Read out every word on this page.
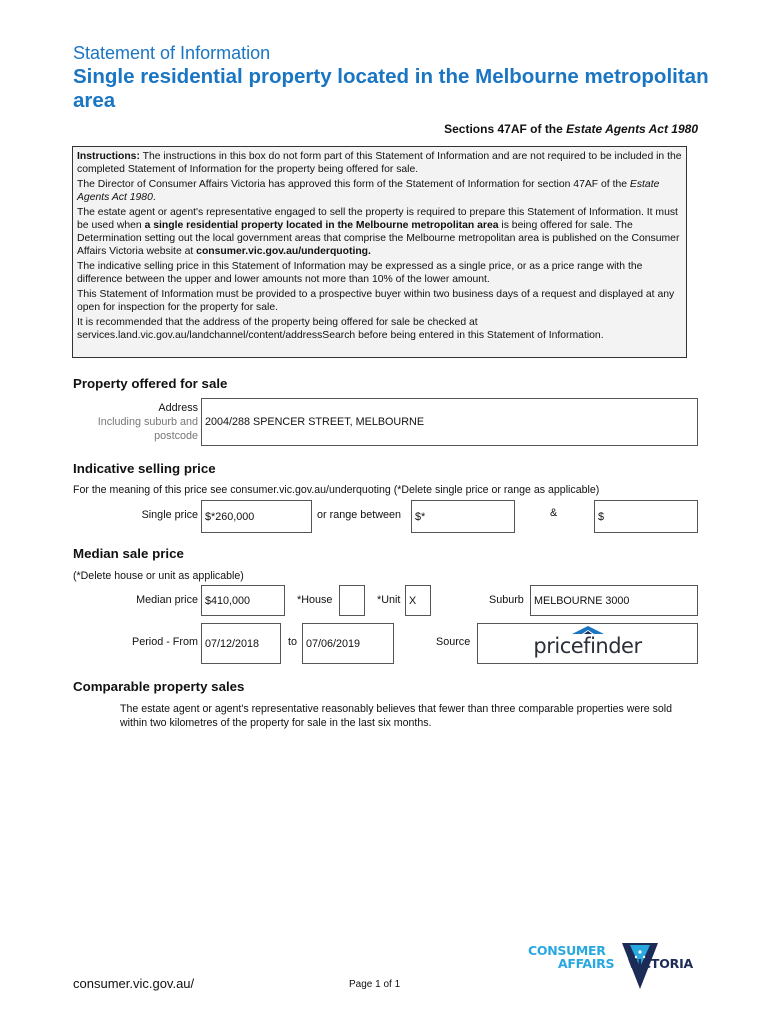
Statement of Information
Single residential property located in the Melbourne metropolitan area
Sections 47AF of the Estate Agents Act 1980

Instructions: The instructions in this box do not form part of this Statement of Information and are not required to be included in the completed Statement of Information for the property being offered for sale.

The Director of Consumer Affairs Victoria has approved this form of the Statement of Information for section 47AF of the Estate Agents Act 1980.

The estate agent or agent's representative engaged to sell the property is required to prepare this Statement of Information. It must be used when a single residential property located in the Melbourne metropolitan area is being offered for sale. The Determination setting out the local government areas that comprise the Melbourne metropolitan area is published on the Consumer Affairs Victoria website at consumer.vic.gov.au/underquoting.

The indicative selling price in this Statement of Information may be expressed as a single price, or as a price range with the difference between the upper and lower amounts not more than 10% of the lower amount.

This Statement of Information must be provided to a prospective buyer within two business days of a request and displayed at any open for inspection for the property for sale.

It is recommended that the address of the property being offered for sale be checked at services.land.vic.gov.au/landchannel/content/addressSearch before being entered in this Statement of Information.

Property offered for sale
Address
Including suburb and
postcode
2004/288 SPENCER STREET, MELBOURNE
Indicative selling price
For the meaning of this price see consumer.vic.gov.au/underquoting (*Delete single price or range as applicable)
Single price $*260,000	or range between $*	&	$
Median sale price
(*Delete house or unit as applicable)
Median price $410,000	*House	*Unit X	Suburb MELBOURNE 3000
Period - From 07/12/2018	to 07/06/2019	Source	pricefinder
Comparable property sales
The estate agent or agent's representative reasonably believes that fewer than three comparable properties were sold within two kilometres of the property for sale in the last six months.
consumer.vic.gov.au/	Page 1 of 1
CONSUMER
AFFAIRS VICTORIA
